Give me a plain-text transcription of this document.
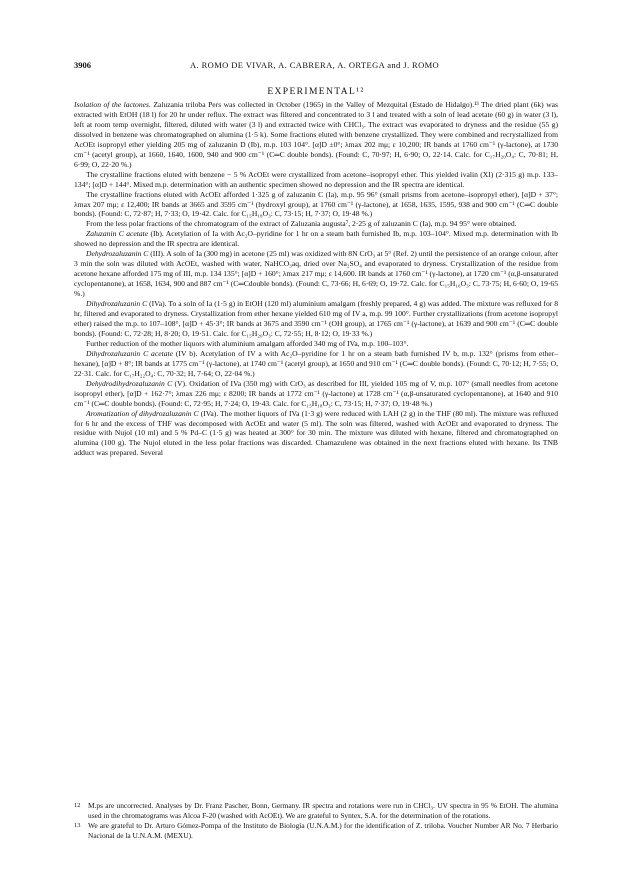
3906	A. ROMO DE VIVAR, A. CABRERA, A. ORTEGA and J. ROMO
EXPERIMENTAL¹²

Isolation of the lactones. Zaluzania triloba Pers was collected in October (1965) in the Valley of Mezquital (Estado de Hidalgo).¹³ The dried plant (6k) was extracted with EtOH (18 l) for 20 hr under reflux. The extract was filtered and concentrated to 3 l and treated with a soln of lead acetate (60 g) in water (3 l), left at room temp overnight, filtered, diluted with water (3 l) and extracted twice with CHCl₃. The extract was evaporated to dryness and the residue (55 g) dissolved in benzene was chromatographed on alumina (1·5 k). Some fractions eluted with benzene crystallized. They were combined and recrystallized from AcOEt isopropyl ether yielding 205 mg of zaluzanin D (Ib), m.p. 103 104°. [α]D ±0°; λmax 202 mμ; ε 10,200; IR bands at 1760 cm⁻¹ (γ-lactone), at 1730 cm⁻¹ (acetyl group), at 1660, 1640, 1600, 940 and 900 cm⁻¹ (C═C double bonds). (Found: C, 70·97; H, 6·90; O, 22·14. Calc. for C₁₇H₂₀O₄: C, 70·81; H, 6·99; O, 22·20 %.)

The crystalline fractions eluted with benzene − 5 % AcOEt were crystallized from acetone–isopropyl ether. This yielded ivalin (XI) (2·315 g) m.p. 133–134°; [α]D + 144°. Mixed m.p. determination with an authentic specimen showed no depression and the IR spectra are identical.

The crystalline fractions eluted with AcOEt afforded 1·325 g of zaluzanin C (Ia), m.p. 95 96° (small prisms from acetone–isopropyl ether), [α]D + 37°; λmax 207 mμ; ε 12,400; IR bands at 3665 and 3595 cm⁻¹ (hydroxyl group), at 1760 cm⁻¹ (γ-lactone), at 1658, 1635, 1595, 938 and 900 cm⁻¹ (C═C double bonds). (Found: C, 72·87; H, 7·33; O, 19·42. Calc. for C₁₅H₁₈O₃: C, 73·15; H, 7·37; O, 19·48 %.)

From the less polar fractions of the chromatogram of the extract of Zaluzania augusta⁷, 2·25 g of zaluzanin C (Ia), m.p. 94 95° were obtained.

Zaluzanin C acetate (Ib). Acetylation of Ia with Ac₂O–pyridine for 1 hr on a steam bath furnished Ib, m.p. 103–104°. Mixed m.p. determination with Ib showed no depression and the IR spectra are identical.

Dehydrozaluzanin C (III). A soln of Ia (300 mg) in acetone (25 ml) was oxidized with 8N CrO₃ at 5° (Ref. 2) until the persistence of an orange colour, after 3 min the soln was diluted with AcOEt, washed with water, NaHCO₃aq, dried over Na₂SO₄ and evaporated to dryness. Crystallization of the residue from acetone hexane afforded 175 mg of III, m.p. 134 135°; [α]D + 160°; λmax 217 mμ; ε 14,600. IR bands at 1760 cm⁻¹ (γ-lactone), at 1720 cm⁻¹ (α,β-unsaturated cyclopentanone), at 1658, 1634, 900 and 887 cm⁻¹ (C═Cdouble bonds). (Found: C, 73·66; H, 6·69; O, 19·72. Calc. for C₁₅H₁₆O₃: C, 73·75; H, 6·60; O, 19·65 %.)

Dihydrozaluzanin C (IVa). To a soln of Ia (1·5 g) in EtOH (120 ml) aluminium amalgam (freshly prepared, 4 g) was added. The mixture was refluxed for 8 hr, filtered and evaporated to dryness. Crystallization from ether hexane yielded 610 mg of IV a, m.p. 99 100°. Further crystallizations (from acetone isopropyl ether) raised the m.p. to 107–108°, [α]D + 45·3°; IR bands at 3675 and 3590 cm⁻¹ (OH group), at 1765 cm⁻¹ (γ-lactone), at 1639 and 900 cm⁻¹ (C═C double bonds). (Found: C, 72·28; H, 8·20; O, 19·51. Calc. for C₁₅H₂₀O₃: C, 72·55; H, 8·12; O, 19·33 %.)

Further reduction of the mother liquors with aluminium amalgam afforded 340 mg of IVa, m.p. 100–103°.

Dihydrozaluzanin C acetate (IV b). Acetylation of IV a with Ac₂O–pyridine for 1 hr on a steam bath furnished IV b, m.p. 132° (prisms from ether–hexane), [α]D + 8°; IR bands at 1775 cm⁻¹ (γ-lactone), at 1740 cm⁻¹ (acetyl group), at 1650 and 910 cm⁻¹ (C═C double bonds). (Found: C, 70·12; H, 7·55; O, 22·31. Calc. for C₁₇H₂₂O₄: C, 70·32; H, 7·64; O, 22·04 %.)

Dehydrodihydrozaluzanin C (V). Oxidation of IVa (350 mg) with CrO₃ as described for III, yielded 105 mg of V, m.p. 107° (small needles from acetone isopropyl ether), [α]D + 162·7°; λmax 226 mμ; ε 8200; IR bands at 1772 cm⁻¹ (γ-lactone) at 1728 cm⁻¹ (α,β-unsaturated cyclopentanone), at 1640 and 910 cm⁻¹ (C═C double bonds). (Found: C, 72·95; H, 7·24; O, 19·43. Calc. for C₁₅H₁₈O₃: C, 73·15; H, 7·37; O, 19·48 %.)

Aromatization of dihydrozaluzanin C (IVa). The mother liquors of IVa (1·3 g) were reduced with LAH (2 g) in the THF (80 ml). The mixture was refluxed for 6 hr and the excess of THF was decomposed with AcOEt and water (5 ml). The soln was filtered, washed with AcOEt and evaporated to dryness. The residue with Nujol (10 ml) and 5 % Pd–C (1·5 g) was heated at 300° for 30 min. The mixture was diluted with hexane, filtered and chromatographed on alumina (100 g). The Nujol eluted in the less polar fractions was discarded. Chamazulene was obtained in the next fractions eluted with hexane. Its TNB adduct was prepared. Several

12	M.ps are uncorrected. Analyses by Dr. Franz Pascher, Bonn, Germany. IR spectra and rotations were run in CHCl₃. UV spectra in 95 % EtOH. The alumina used in the chromatograms was Alcoa F-20 (washed with AcOEt). We are grateful to Syntex, S.A. for the determination of the rotations.
13	We are grateful to Dr. Arturo Gómez-Pompa of the Instituto de Biología (U.N.A.M.) for the identification of Z. triloba. Voucher Number AR No. 7 Herbario Nacional de la U.N.A.M. (MEXU).
